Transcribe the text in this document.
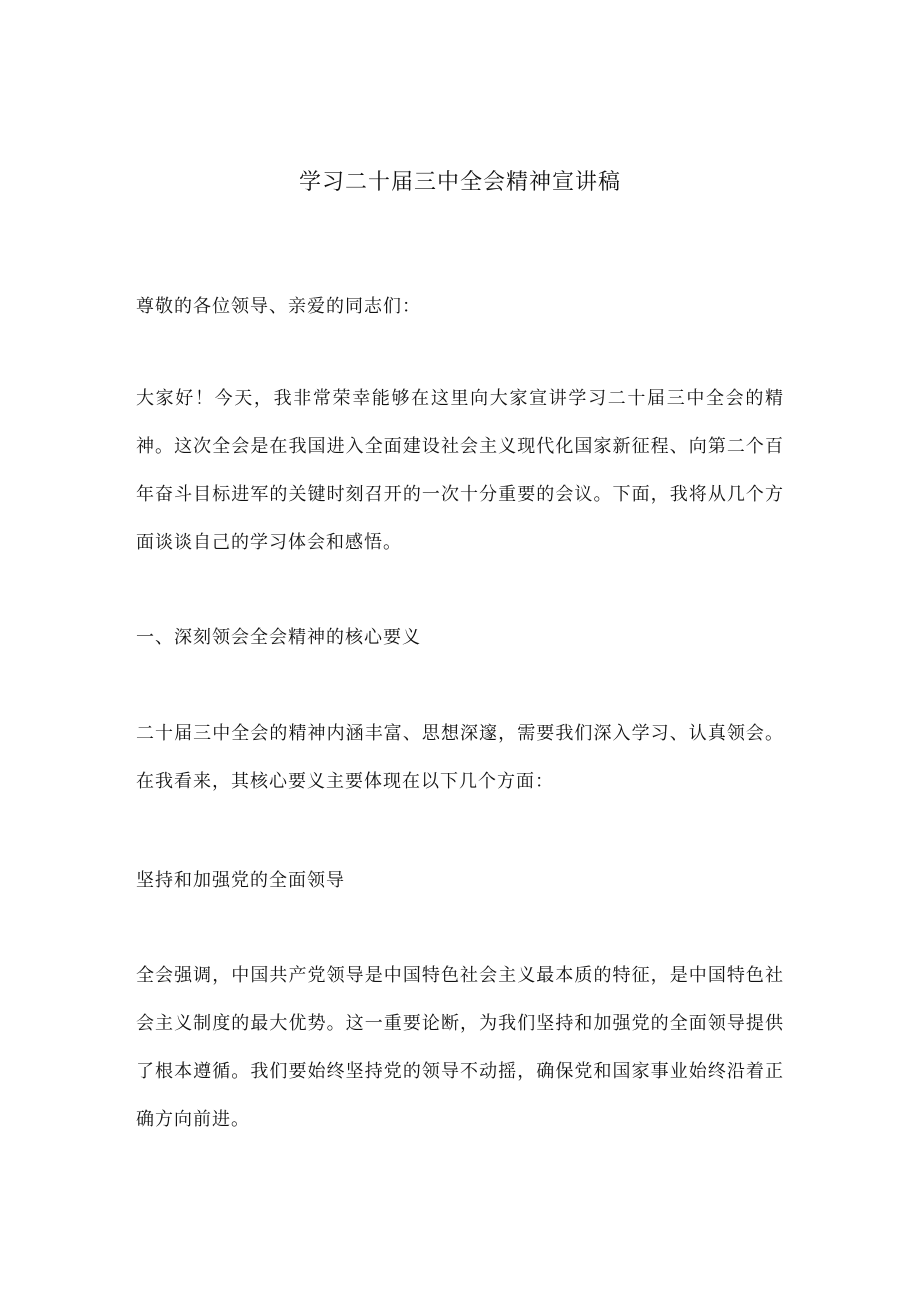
学习二十届三中全会精神宣讲稿
尊敬的各位领导、亲爱的同志们：
大家好！今天，我非常荣幸能够在这里向大家宣讲学习二十届三中全会的精神。这次全会是在我国进入全面建设社会主义现代化国家新征程、向第二个百年奋斗目标进军的关键时刻召开的一次十分重要的会议。下面，我将从几个方面谈谈自己的学习体会和感悟。
一、深刻领会全会精神的核心要义
二十届三中全会的精神内涵丰富、思想深邃，需要我们深入学习、认真领会。在我看来，其核心要义主要体现在以下几个方面：
坚持和加强党的全面领导
全会强调，中国共产党领导是中国特色社会主义最本质的特征，是中国特色社会主义制度的最大优势。这一重要论断，为我们坚持和加强党的全面领导提供了根本遵循。我们要始终坚持党的领导不动摇，确保党和国家事业始终沿着正确方向前进。
